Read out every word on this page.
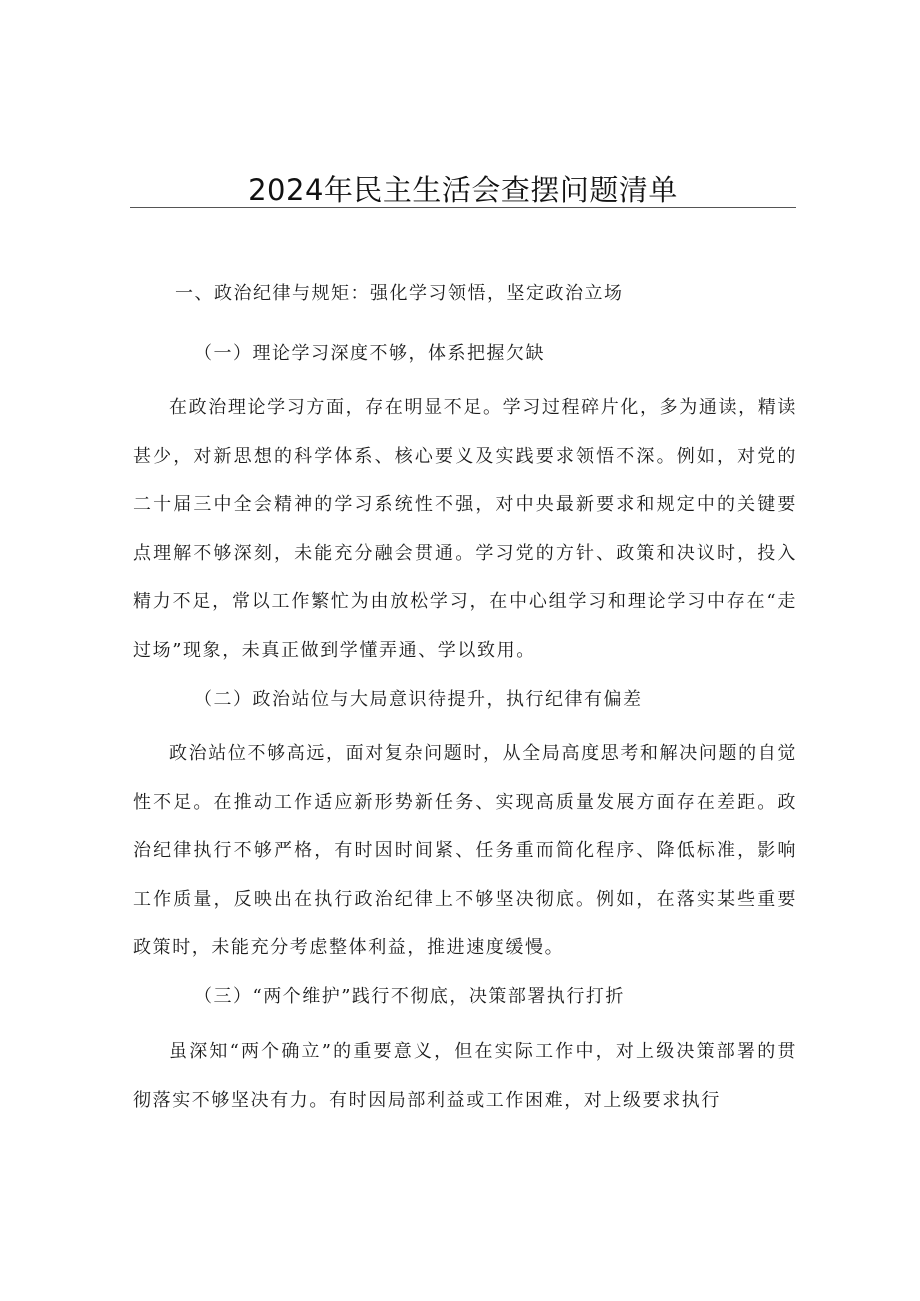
2024年民主生活会查摆问题清单
一、政治纪律与规矩：强化学习领悟，坚定政治立场
（一）理论学习深度不够，体系把握欠缺

在政治理论学习方面，存在明显不足。学习过程碎片化，多为通读，精读甚少，对新思想的科学体系、核心要义及实践要求领悟不深。例如，对党的二十届三中全会精神的学习系统性不强，对中央最新要求和规定中的关键要点理解不够深刻，未能充分融会贯通。学习党的方针、政策和决议时，投入精力不足，常以工作繁忙为由放松学习，在中心组学习和理论学习中存在“走过场”现象，未真正做到学懂弄通、学以致用。

（二）政治站位与大局意识待提升，执行纪律有偏差

政治站位不够高远，面对复杂问题时，从全局高度思考和解决问题的自觉性不足。在推动工作适应新形势新任务、实现高质量发展方面存在差距。政治纪律执行不够严格，有时因时间紧、任务重而简化程序、降低标准，影响工作质量，反映出在执行政治纪律上不够坚决彻底。例如，在落实某些重要政策时，未能充分考虑整体利益，推进速度缓慢。

（三）“两个维护”践行不彻底，决策部署执行打折

虽深知“两个确立”的重要意义，但在实际工作中，对上级决策部署的贯彻落实不够坚决有力。有时因局部利益或工作困难，对上级要求执行
